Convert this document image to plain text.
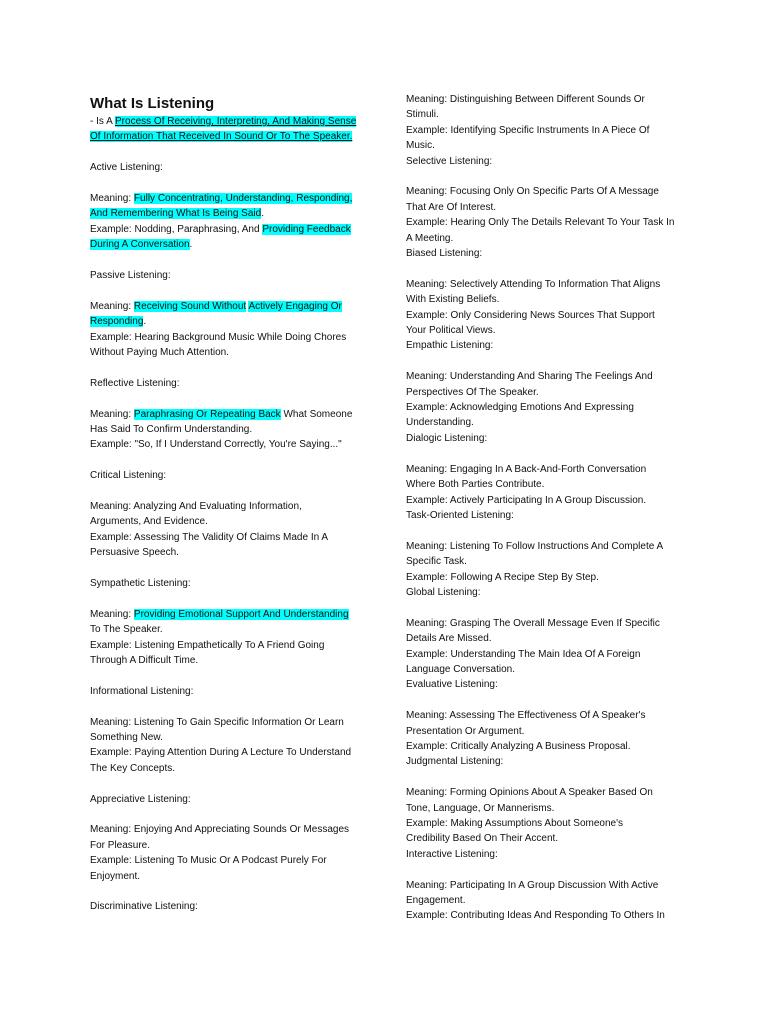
What Is Listening

- Is A Process Of Receiving, Interpreting, And Making Sense

Of Information That Received In Sound Or To The Speaker.

Active Listening:

Meaning: Fully Concentrating, Understanding, Responding,

And Remembering What Is Being Said.

Example: Nodding, Paraphrasing, And Providing Feedback

During A Conversation.

Passive Listening:

Meaning: Receiving Sound Without Actively Engaging Or

Responding.

Example: Hearing Background Music While Doing Chores

Without Paying Much Attention.

Reflective Listening:

Meaning: Paraphrasing Or Repeating Back What Someone

Has Said To Confirm Understanding.

Example: "So, If I Understand Correctly, You're Saying..."

Critical Listening:

Meaning: Analyzing And Evaluating Information,

Arguments, And Evidence.

Example: Assessing The Validity Of Claims Made In A

Persuasive Speech.

Sympathetic Listening:

Meaning: Providing Emotional Support And Understanding

To The Speaker.

Example: Listening Empathetically To A Friend Going

Through A Difficult Time.

Informational Listening:

Meaning: Listening To Gain Specific Information Or Learn

Something New.

Example: Paying Attention During A Lecture To Understand

The Key Concepts.

Appreciative Listening:

Meaning: Enjoying And Appreciating Sounds Or Messages

For Pleasure.

Example: Listening To Music Or A Podcast Purely For

Enjoyment.

Discriminative Listening:

Meaning: Distinguishing Between Different Sounds Or

Stimuli.

Example: Identifying Specific Instruments In A Piece Of

Music.

Selective Listening:

Meaning: Focusing Only On Specific Parts Of A Message

That Are Of Interest.

Example: Hearing Only The Details Relevant To Your Task In

A Meeting.

Biased Listening:

Meaning: Selectively Attending To Information That Aligns

With Existing Beliefs.

Example: Only Considering News Sources That Support

Your Political Views.

Empathic Listening:

Meaning: Understanding And Sharing The Feelings And

Perspectives Of The Speaker.

Example: Acknowledging Emotions And Expressing

Understanding.

Dialogic Listening:

Meaning: Engaging In A Back-And-Forth Conversation

Where Both Parties Contribute.

Example: Actively Participating In A Group Discussion.

Task-Oriented Listening:

Meaning: Listening To Follow Instructions And Complete A

Specific Task.

Example: Following A Recipe Step By Step.

Global Listening:

Meaning: Grasping The Overall Message Even If Specific

Details Are Missed.

Example: Understanding The Main Idea Of A Foreign

Language Conversation.

Evaluative Listening:

Meaning: Assessing The Effectiveness Of A Speaker's

Presentation Or Argument.

Example: Critically Analyzing A Business Proposal.

Judgmental Listening:

Meaning: Forming Opinions About A Speaker Based On

Tone, Language, Or Mannerisms.

Example: Making Assumptions About Someone's

Credibility Based On Their Accent.

Interactive Listening:

Meaning: Participating In A Group Discussion With Active

Engagement.

Example: Contributing Ideas And Responding To Others In
